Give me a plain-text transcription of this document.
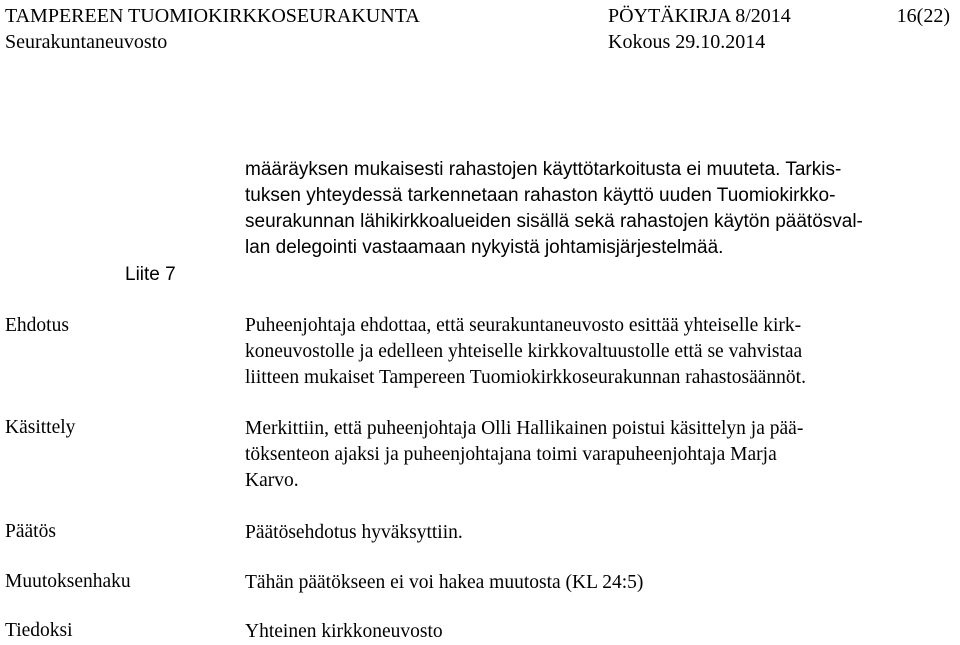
TAMPEREEN TUOMIOKIRKKOSEURAKUNTA	PÖYTÄKIRJA 8/2014	16(22)
Seurakuntaneuvosto	Kokous 29.10.2014
määräyksen mukaisesti rahastojen käyttötarkoitusta ei muuteta. Tarkis-
tuksen yhteydessä tarkennetaan rahaston käyttö uuden Tuomiokirkko-
seurakunnan lähikirkkoalueiden sisällä sekä rahastojen käytön päätösval-
lan delegointi vastaamaan nykyistä johtamisjärjestelmää.
Liite 7
Ehdotus	Puheenjohtaja ehdottaa, että seurakuntaneuvosto esittää yhteiselle kirk-
koneuvostolle ja edelleen yhteiselle kirkkovaltuustolle että se vahvistaa
liitteen mukaiset Tampereen Tuomiokirkkoseurakunnan rahastosäännöt.
Käsittely	Merkittiin, että puheenjohtaja Olli Hallikainen poistui käsittelyn ja pää-
töksenteon ajaksi ja puheenjohtajana toimi varapuheenjohtaja Marja
Karvo.
Päätös	Päätösehdotus hyväksyttiin.
Muutoksenhaku	Tähän päätökseen ei voi hakea muutosta (KL 24:5)
Tiedoksi	Yhteinen kirkkoneuvosto
